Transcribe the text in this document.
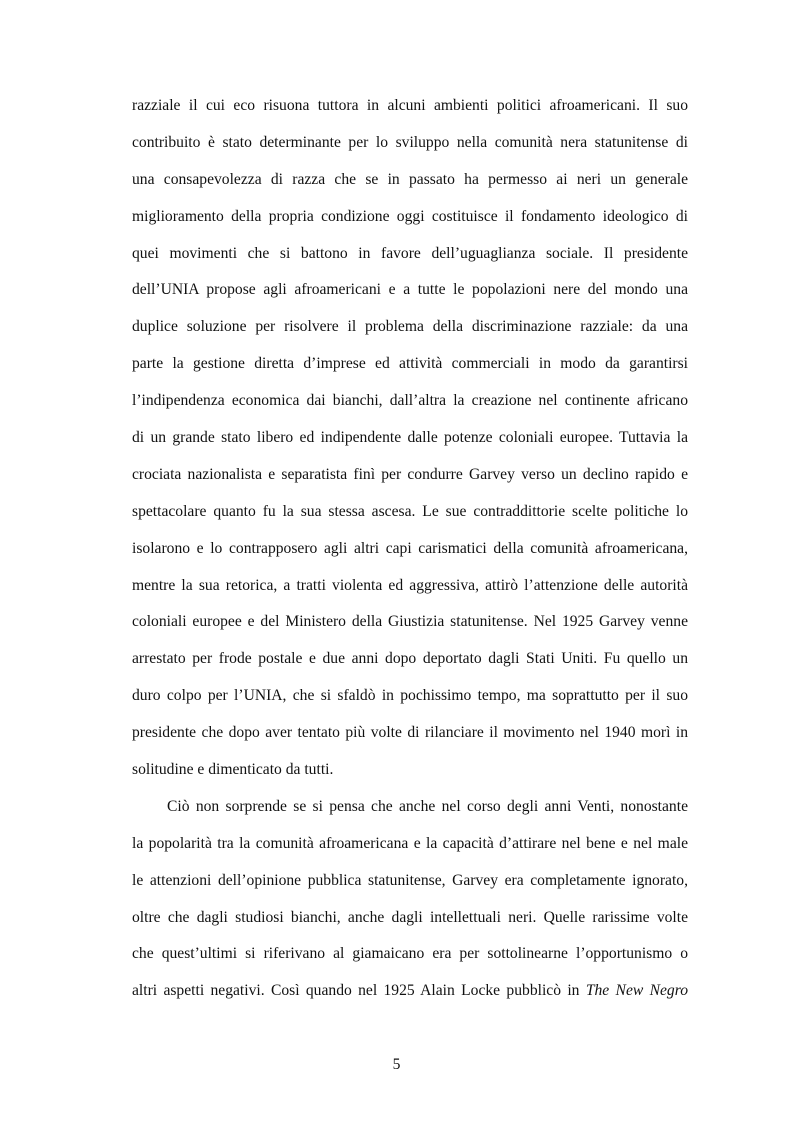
razziale il cui eco risuona tuttora in alcuni ambienti politici afroamericani. Il suo
contribuito è stato determinante per lo sviluppo nella comunità nera statunitense di
una consapevolezza di razza che se in passato ha permesso ai neri un generale
miglioramento della propria condizione oggi costituisce il fondamento ideologico di
quei movimenti che si battono in favore dell’uguaglianza sociale. Il presidente
dell’UNIA propose agli afroamericani e a tutte le popolazioni nere del mondo una
duplice soluzione per risolvere il problema della discriminazione razziale: da una
parte la gestione diretta d’imprese ed attività commerciali in modo da garantirsi
l’indipendenza economica dai bianchi, dall’altra la creazione nel continente africano
di un grande stato libero ed indipendente dalle potenze coloniali europee. Tuttavia la
crociata nazionalista e separatista finì per condurre Garvey verso un declino rapido e
spettacolare quanto fu la sua stessa ascesa. Le sue contraddittorie scelte politiche lo
isolarono e lo contrapposero agli altri capi carismatici della comunità afroamericana,
mentre la sua retorica, a tratti violenta ed aggressiva, attirò l’attenzione delle autorità
coloniali europee e del Ministero della Giustizia statunitense. Nel 1925 Garvey venne
arrestato per frode postale e due anni dopo deportato dagli Stati Uniti. Fu quello un
duro colpo per l’UNIA, che si sfaldò in pochissimo tempo, ma soprattutto per il suo
presidente che dopo aver tentato più volte di rilanciare il movimento nel 1940 morì in
solitudine e dimenticato da tutti.
Ciò non sorprende se si pensa che anche nel corso degli anni Venti, nonostante
la popolarità tra la comunità afroamericana e la capacità d’attirare nel bene e nel male
le attenzioni dell’opinione pubblica statunitense, Garvey era completamente ignorato,
oltre che dagli studiosi bianchi, anche dagli intellettuali neri. Quelle rarissime volte
che quest’ultimi si riferivano al giamaicano era per sottolinearne l’opportunismo o
altri aspetti negativi. Così quando nel 1925 Alain Locke pubblicò in The New Negro
5
